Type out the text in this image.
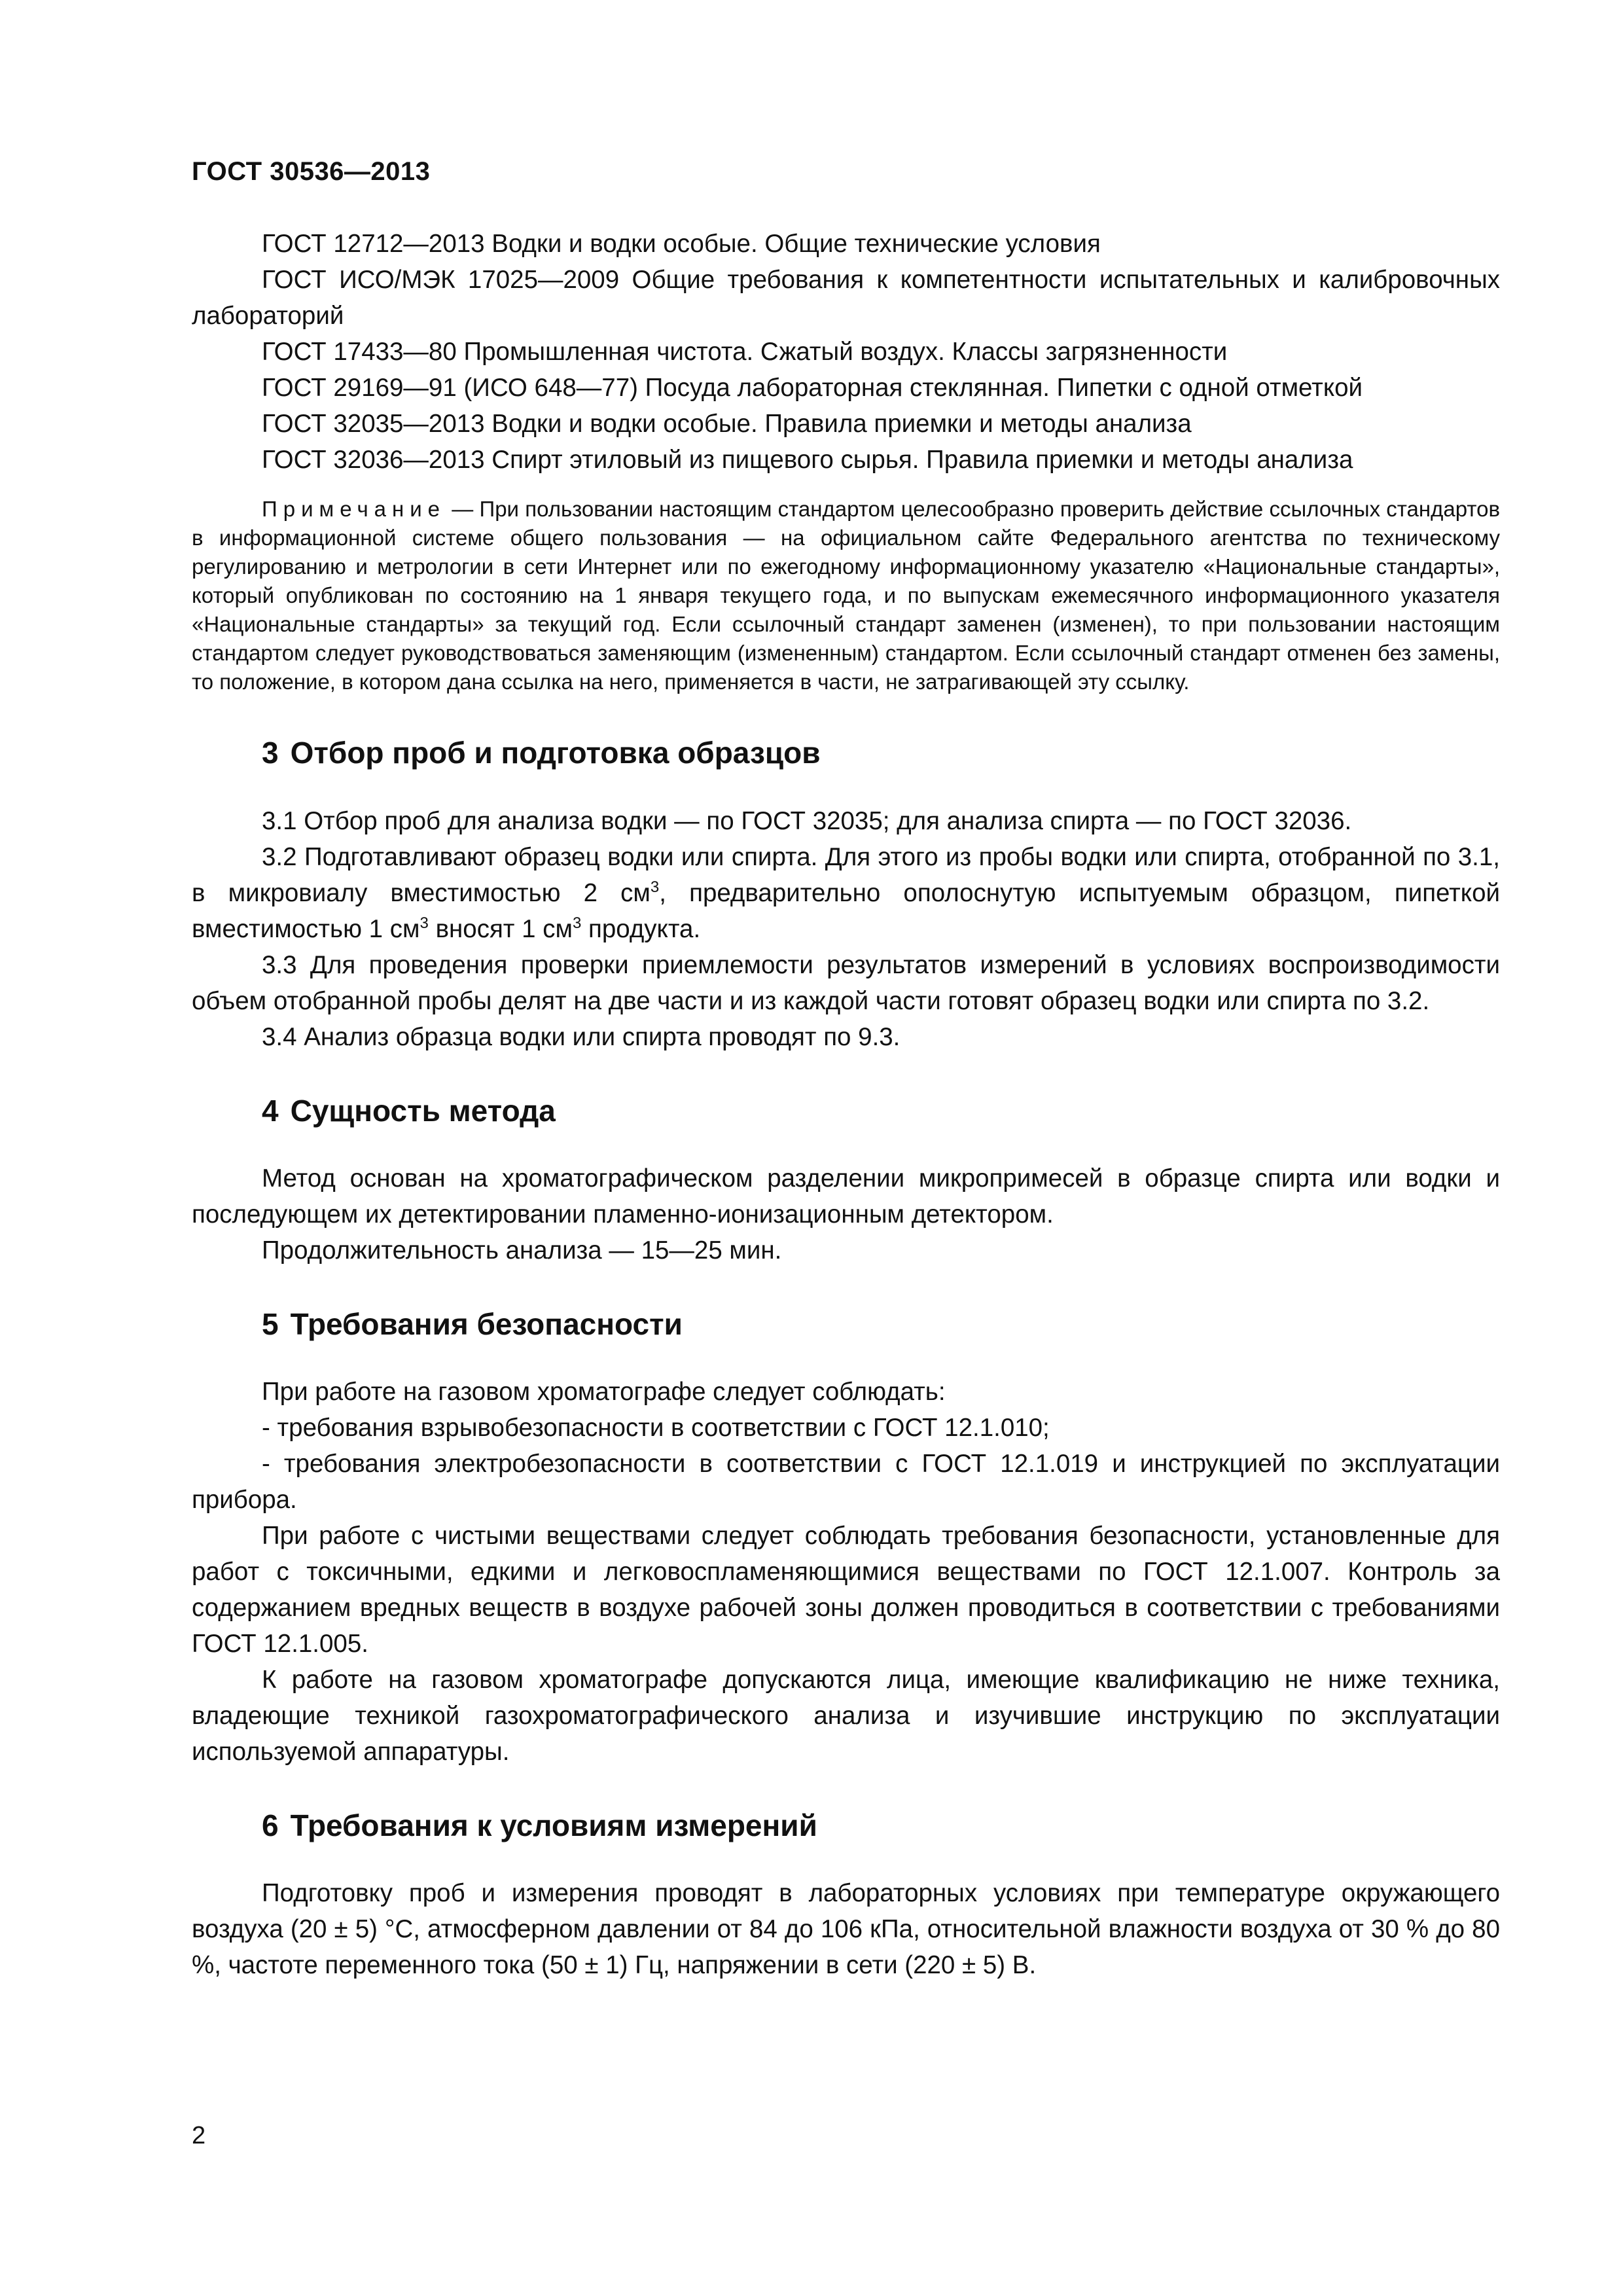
ГОСТ 30536—2013

ГОСТ 12712—2013 Водки и водки особые. Общие технические условия

ГОСТ ИСО/МЭК 17025—2009 Общие требования к компетентности испытательных и калибровочных лабораторий

ГОСТ 17433—80 Промышленная чистота. Сжатый воздух. Классы загрязненности

ГОСТ 29169—91 (ИСО 648—77) Посуда лабораторная стеклянная. Пипетки с одной отметкой

ГОСТ 32035—2013 Водки и водки особые. Правила приемки и методы анализа

ГОСТ 32036—2013 Спирт этиловый из пищевого сырья. Правила приемки и методы анализа

Примечание — При пользовании настоящим стандартом целесообразно проверить действие ссылочных стандартов в информационной системе общего пользования — на официальном сайте Федерального агентства по техническому регулированию и метрологии в сети Интернет или по ежегодному информационному указателю «Национальные стандарты», который опубликован по состоянию на 1 января текущего года, и по выпускам ежемесячного информационного указателя «Национальные стандарты» за текущий год. Если ссылочный стандарт заменен (изменен), то при пользовании настоящим стандартом следует руководствоваться заменяющим (измененным) стандартом. Если ссылочный стандарт отменен без замены, то положение, в котором дана ссылка на него, применяется в части, не затрагивающей эту ссылку.

3 Отбор проб и подготовка образцов

3.1 Отбор проб для анализа водки — по ГОСТ 32035; для анализа спирта — по ГОСТ 32036.

3.2 Подготавливают образец водки или спирта. Для этого из пробы водки или спирта, отобранной по 3.1, в микровиалу вместимостью 2 $см^3$, предварительно ополоснутую испытуемым образцом, пипеткой вместимостью 1 $см^3$ вносят 1 $см^3$ продукта.

3.3 Для проведения проверки приемлемости результатов измерений в условиях воспроизводимости объем отобранной пробы делят на две части и из каждой части готовят образец водки или спирта по 3.2.

3.4 Анализ образца водки или спирта проводят по 9.3.

4 Сущность метода

Метод основан на хроматографическом разделении микропримесей в образце спирта или водки и последующем их детектировании пламенно-ионизационным детектором.

Продолжительность анализа — 15—25 мин.

5 Требования безопасности

При работе на газовом хроматографе следует соблюдать:

- требования взрывобезопасности в соответствии с ГОСТ 12.1.010;

- требования электробезопасности в соответствии с ГОСТ 12.1.019 и инструкцией по эксплуатации прибора.

При работе с чистыми веществами следует соблюдать требования безопасности, установленные для работ с токсичными, едкими и легковоспламеняющимися веществами по ГОСТ 12.1.007. Контроль за содержанием вредных веществ в воздухе рабочей зоны должен проводиться в соответствии с требованиями ГОСТ 12.1.005.

К работе на газовом хроматографе допускаются лица, имеющие квалификацию не ниже техника, владеющие техникой газохроматографического анализа и изучившие инструкцию по эксплуатации используемой аппаратуры.

6 Требования к условиям измерений

Подготовку проб и измерения проводят в лабораторных условиях при температуре окружающего воздуха (20 ± 5) °С, атмосферном давлении от 84 до 106 кПа, относительной влажности воздуха от 30 % до 80 %, частоте переменного тока (50 ± 1) Гц, напряжении в сети (220 ± 5) В.

2
